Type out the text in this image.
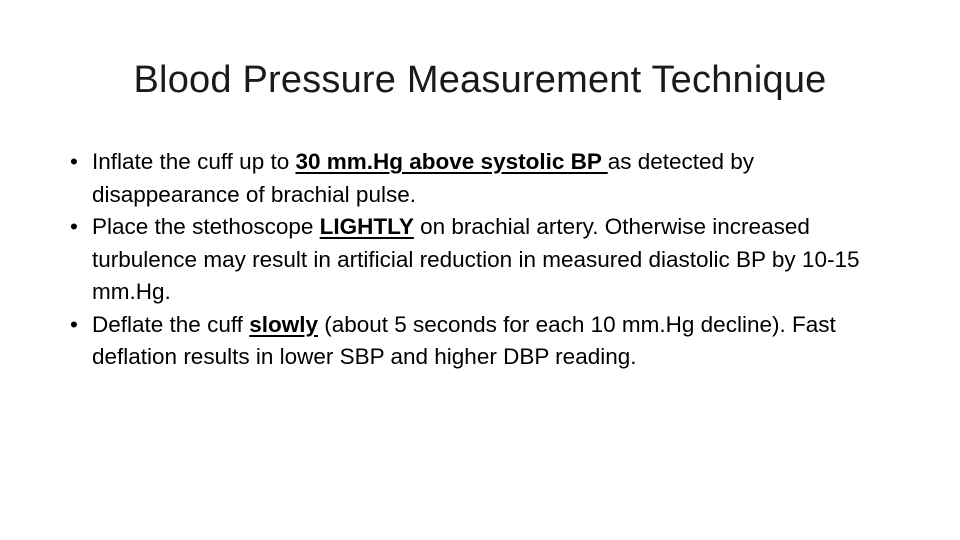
Blood Pressure Measurement Technique

• Inflate the cuff up to 30 mm.Hg above systolic BP as detected by disappearance of brachial pulse.

• Place the stethoscope LIGHTLY on brachial artery. Otherwise increased turbulence may result in artificial reduction in measured diastolic BP by 10-15 mm.Hg.

• Deflate the cuff slowly (about 5 seconds for each 10 mm.Hg decline). Fast deflation results in lower SBP and higher DBP reading.
